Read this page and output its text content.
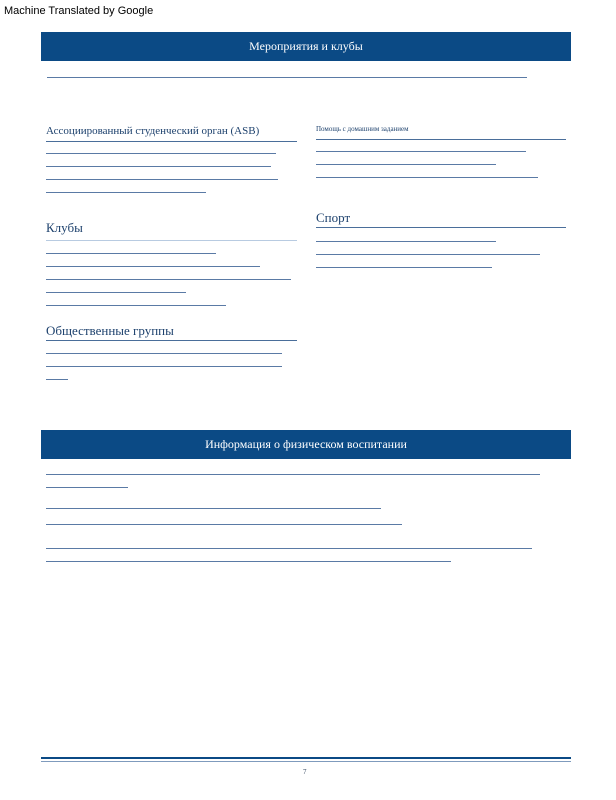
Machine Translated by Google
Мероприятия и клубы
Ассоциированный студенческий орган (ASB)	Помощь с домашним заданием
Клубы
Спорт
Общественные группы
Информация о физическом воспитании
7
